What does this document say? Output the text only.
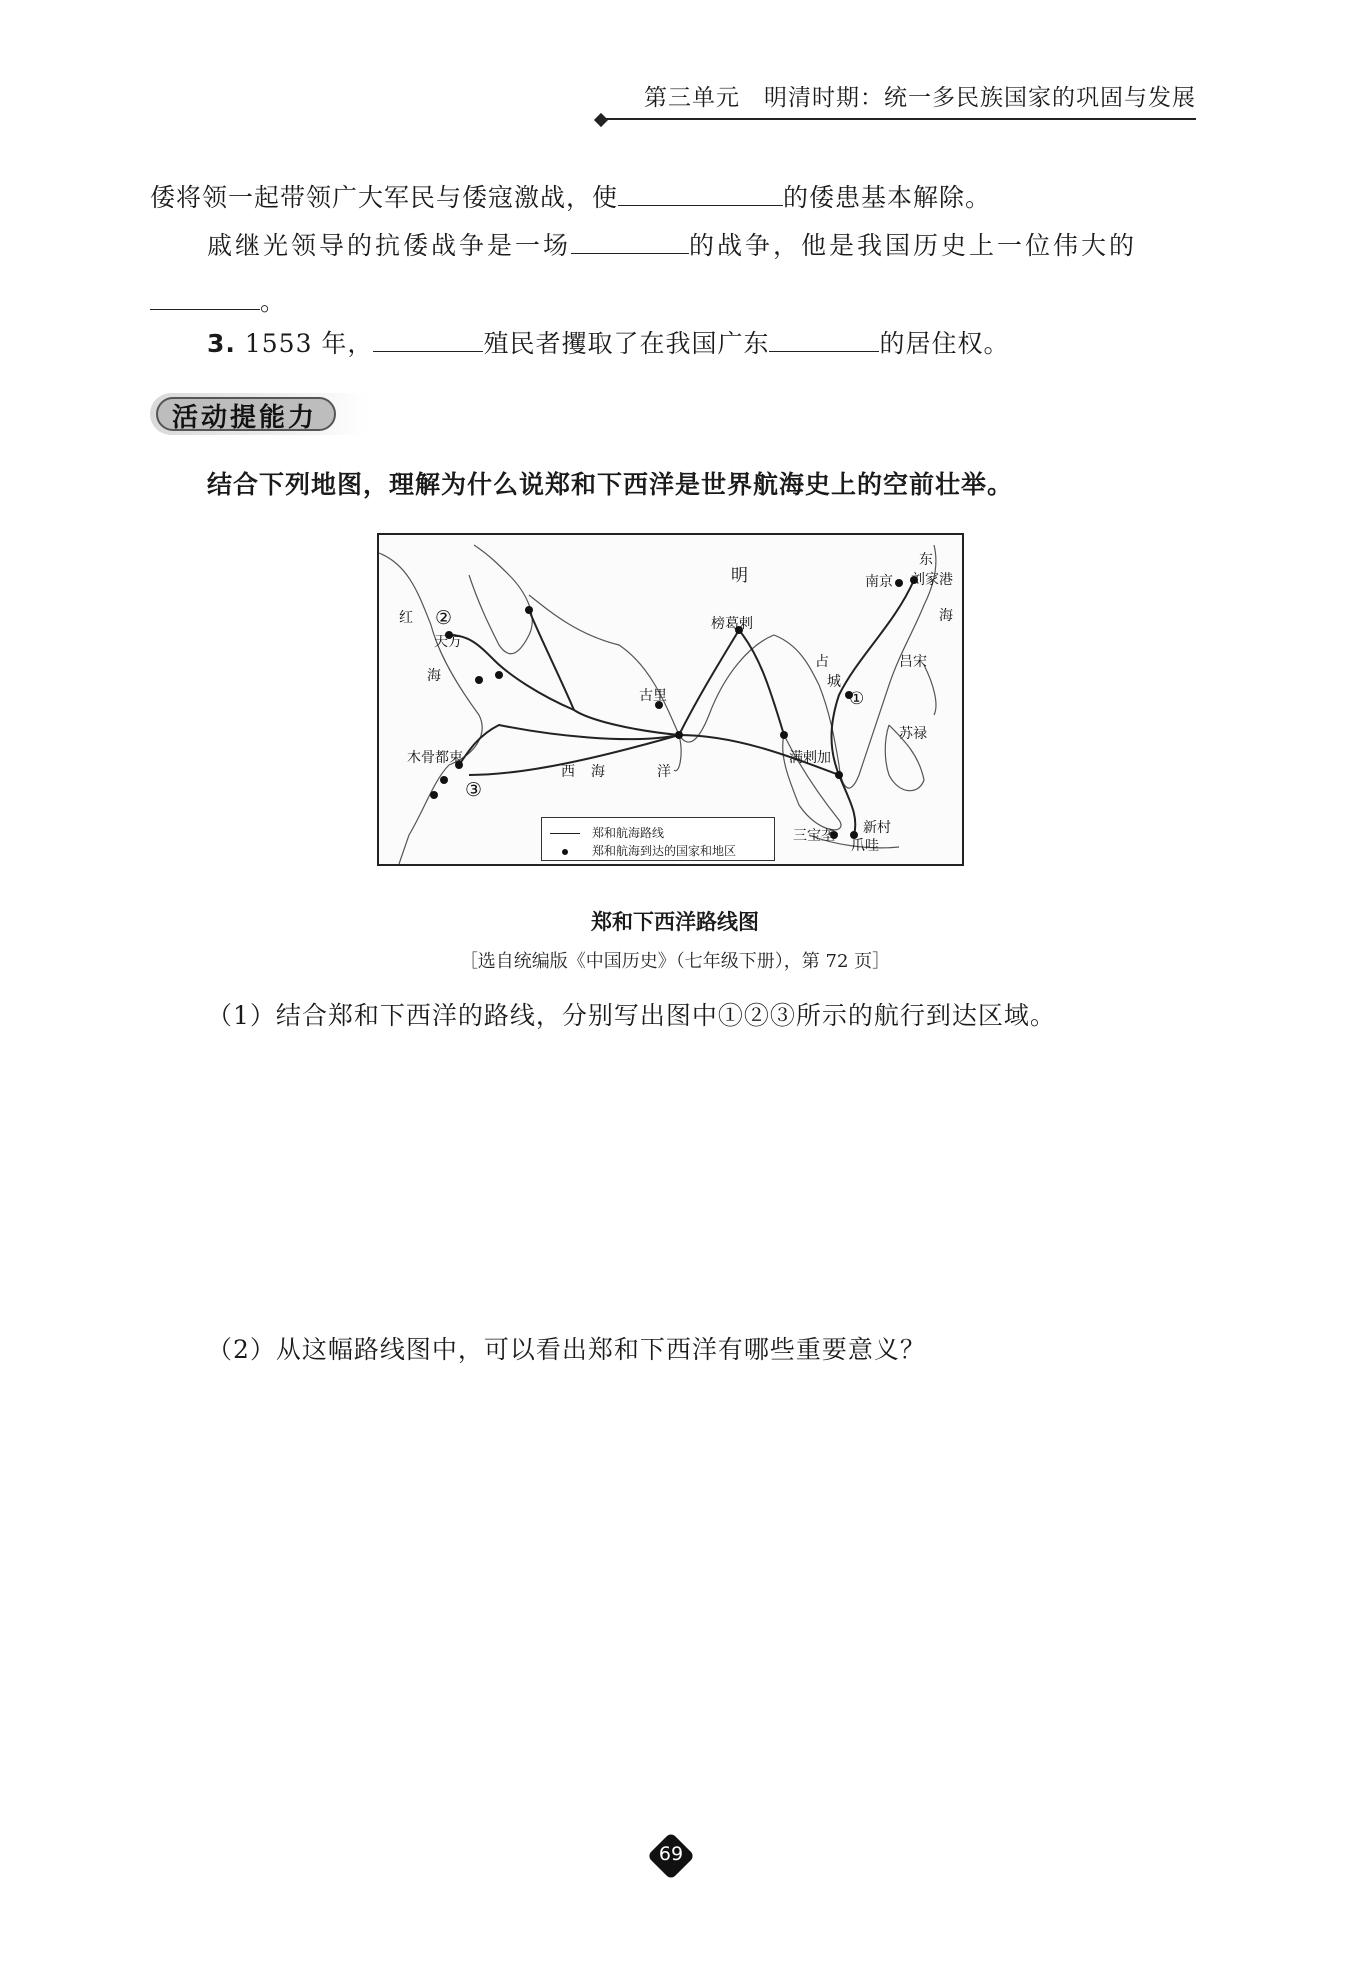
第三单元　明清时期：统一多民族国家的巩固与发展
倭将领一起带领广大军民与倭寇激战，使	的倭患基本解除。
戚继光领导的抗倭战争是一场	的战争，他是我国历史上一位伟大的
。
3. 1553 年，	殖民者攫取了在我国广东	的居住权。
活动提能力
结合下列地图，理解为什么说郑和下西洋是世界航海史上的空前壮举。
明
东
海
南京 刘家港
红
海
天方
榜葛剌
古里
占
城
吕宋
苏禄
木骨都束
西 海	洋
满剌加
三宝垄 新村
爪哇
①
②
③
郑和航海路线
郑和航海到达的国家和地区
郑和下西洋路线图
［选自统编版《中国历史》（七年级下册），第 72 页］
（1）结合郑和下西洋的路线，分别写出图中①②③所示的航行到达区域。
（2）从这幅路线图中，可以看出郑和下西洋有哪些重要意义？
69
